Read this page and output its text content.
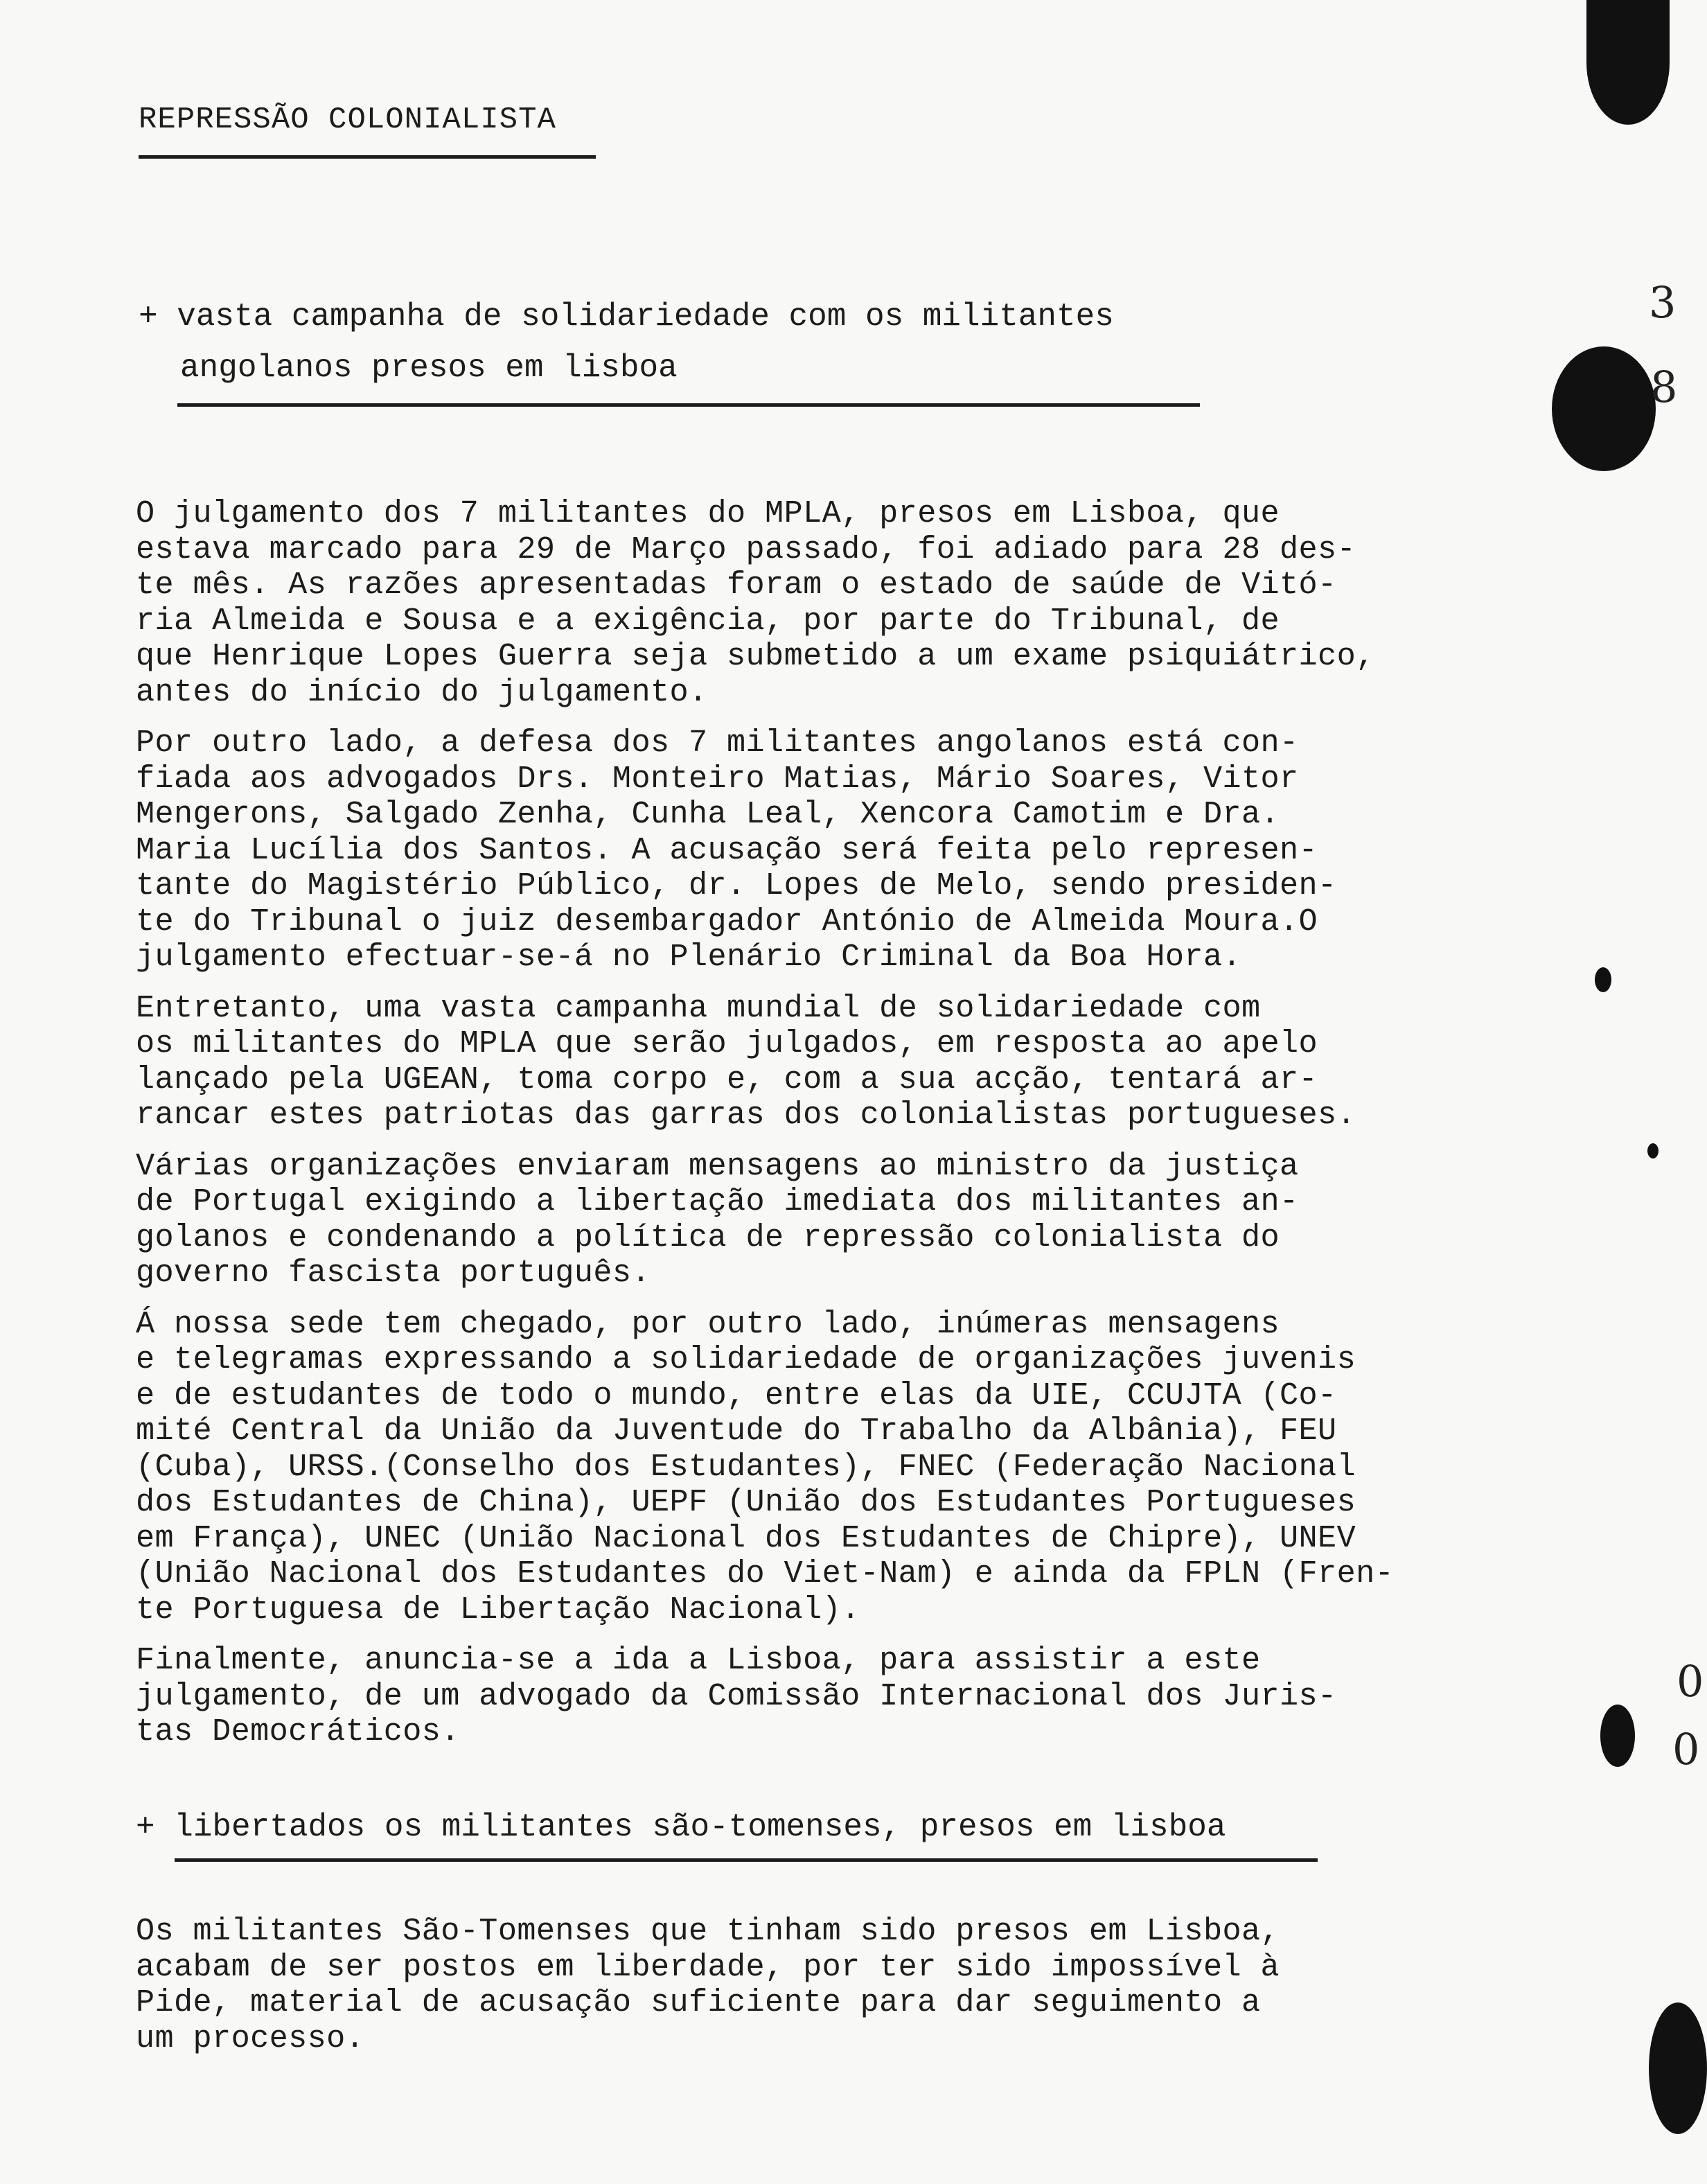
REPRESSÃO COLONIALISTA
+ vasta campanha de solidariedade com os militantes
angolanos presos em lisboa

O julgamento dos 7 militantes do MPLA, presos em Lisboa, que
estava marcado para 29 de Março passado, foi adiado para 28 des-
te mês. As razões apresentadas foram o estado de saúde de Vitó-
ria Almeida e Sousa e a exigência, por parte do Tribunal, de
que Henrique Lopes Guerra seja submetido a um exame psiquiátrico,
antes do início do julgamento.

Por outro lado, a defesa dos 7 militantes angolanos está con-
fiada aos advogados Drs. Monteiro Matias, Mário Soares, Vitor
Mengerons, Salgado Zenha, Cunha Leal, Xencora Camotim e Dra.
Maria Lucília dos Santos. A acusação será feita pelo represen-
tante do Magistério Público, dr. Lopes de Melo, sendo presiden-
te do Tribunal o juiz desembargador António de Almeida Moura.O
julgamento efectuar-se-á no Plenário Criminal da Boa Hora.

Entretanto, uma vasta campanha mundial de solidariedade com
os militantes do MPLA que serão julgados, em resposta ao apelo
lançado pela UGEAN, toma corpo e, com a sua acção, tentará ar-
rancar estes patriotas das garras dos colonialistas portugueses.

Várias organizações enviaram mensagens ao ministro da justiça
de Portugal exigindo a libertação imediata dos militantes an-
golanos e condenando a política de repressão colonialista do
governo fascista português.

Á nossa sede tem chegado, por outro lado, inúmeras mensagens
e telegramas expressando a solidariedade de organizações juvenis
e de estudantes de todo o mundo, entre elas da UIE, CCUJTA (Co-
mité Central da União da Juventude do Trabalho da Albânia), FEU
(Cuba), URSS.(Conselho dos Estudantes), FNEC (Federação Nacional
dos Estudantes de China), UEPF (União dos Estudantes Portugueses
em França), UNEC (União Nacional dos Estudantes de Chipre), UNEV
(União Nacional dos Estudantes do Viet-Nam) e ainda da FPLN (Fren-
te Portuguesa de Libertação Nacional).

Finalmente, anuncia-se a ida a Lisboa, para assistir a este
julgamento, de um advogado da Comissão Internacional dos Juris-
tas Democráticos.

+ libertados os militantes são-tomenses, presos em lisboa

Os militantes São-Tomenses que tinham sido presos em Lisboa,
acabam de ser postos em liberdade, por ter sido impossível à
Pide, material de acusação suficiente para dar seguimento a
um processo.

3
8
0
0
